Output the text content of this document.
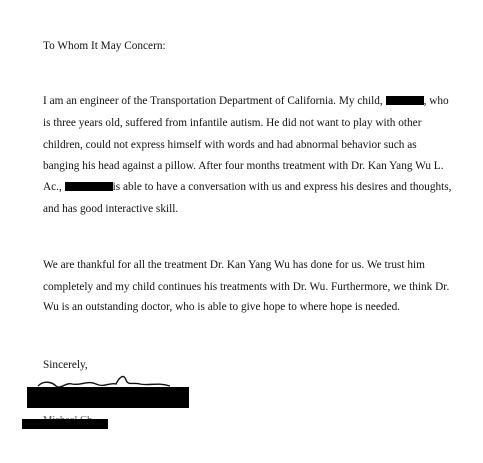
To Whom It May Concern:
I am an engineer of the Transportation Department of California. My child,	, who
is three years old, suffered from infantile autism. He did not want to play with other
children, could not express himself with words and had abnormal behavior such as
banging his head against a pillow. After four months treatment with Dr. Kan Yang Wu L.
Ac.,	is able to have a conversation with us and express his desires and thoughts,
and has good interactive skill.
We are thankful for all the treatment Dr. Kan Yang Wu has done for us. We trust him
completely and my child continues his treatments with Dr. Wu. Furthermore, we think Dr.
Wu is an outstanding doctor, who is able to give hope to where hope is needed.
Sincerely,
